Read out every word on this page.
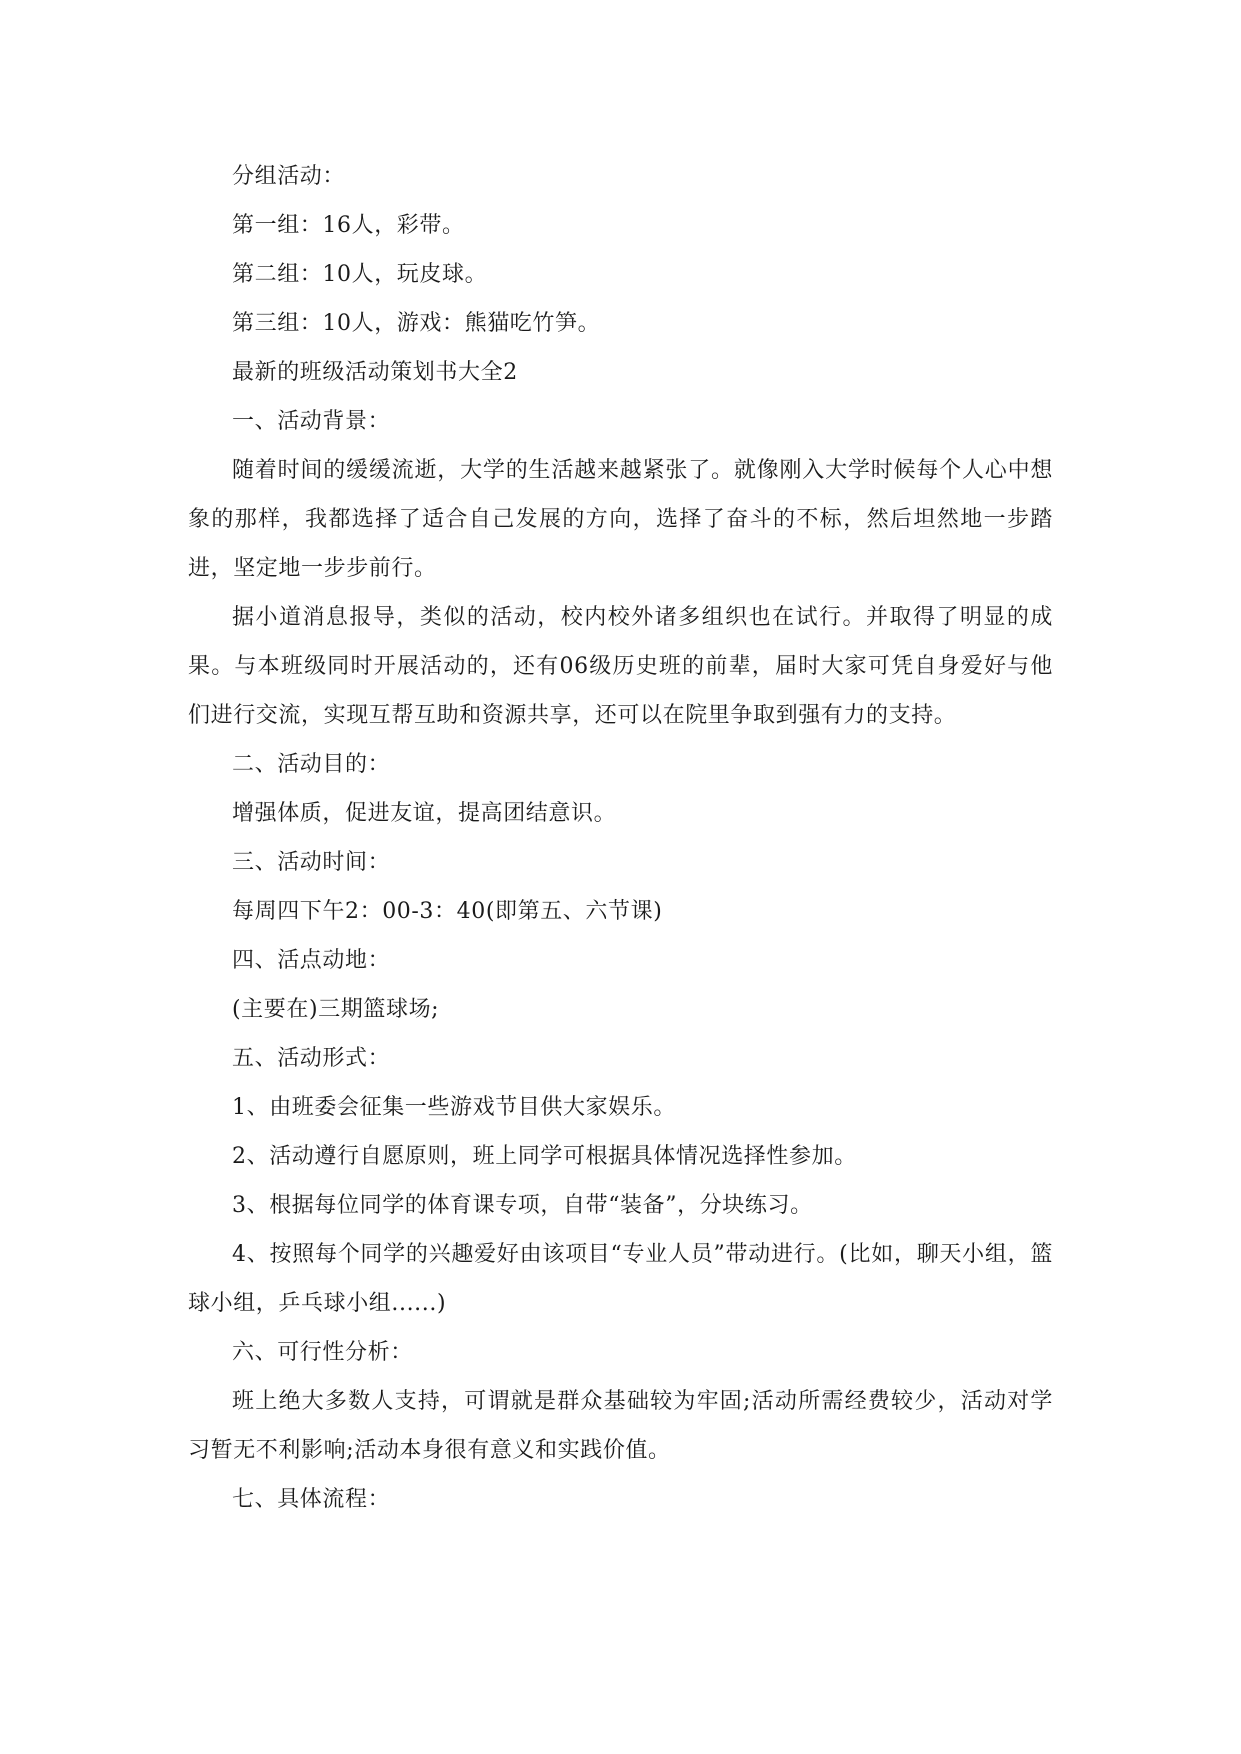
分组活动：

第一组：16人，彩带。

第二组：10人，玩皮球。

第三组：10人，游戏：熊猫吃竹笋。

最新的班级活动策划书大全2

一、活动背景：

随着时间的缓缓流逝，大学的生活越来越紧张了。就像刚入大学时候每个人心中想象的那样，我都选择了适合自己发展的方向，选择了奋斗的不标，然后坦然地一步踏进，坚定地一步步前行。

据小道消息报导，类似的活动，校内校外诸多组织也在试行。并取得了明显的成果。与本班级同时开展活动的，还有06级历史班的前辈，届时大家可凭自身爱好与他们进行交流，实现互帮互助和资源共享，还可以在院里争取到强有力的支持。

二、活动目的：

增强体质，促进友谊，提高团结意识。

三、活动时间：

每周四下午2：00-3：40(即第五、六节课)

四、活点动地：

(主要在)三期篮球场;

五、活动形式：

1、由班委会征集一些游戏节目供大家娱乐。

2、活动遵行自愿原则，班上同学可根据具体情况选择性参加。

3、根据每位同学的体育课专项，自带“装备”，分块练习。

4、按照每个同学的兴趣爱好由该项目“专业人员”带动进行。(比如，聊天小组，篮球小组，乒乓球小组......)

六、可行性分析：

班上绝大多数人支持，可谓就是群众基础较为牢固;活动所需经费较少，活动对学习暂无不利影响;活动本身很有意义和实践价值。

七、具体流程：
